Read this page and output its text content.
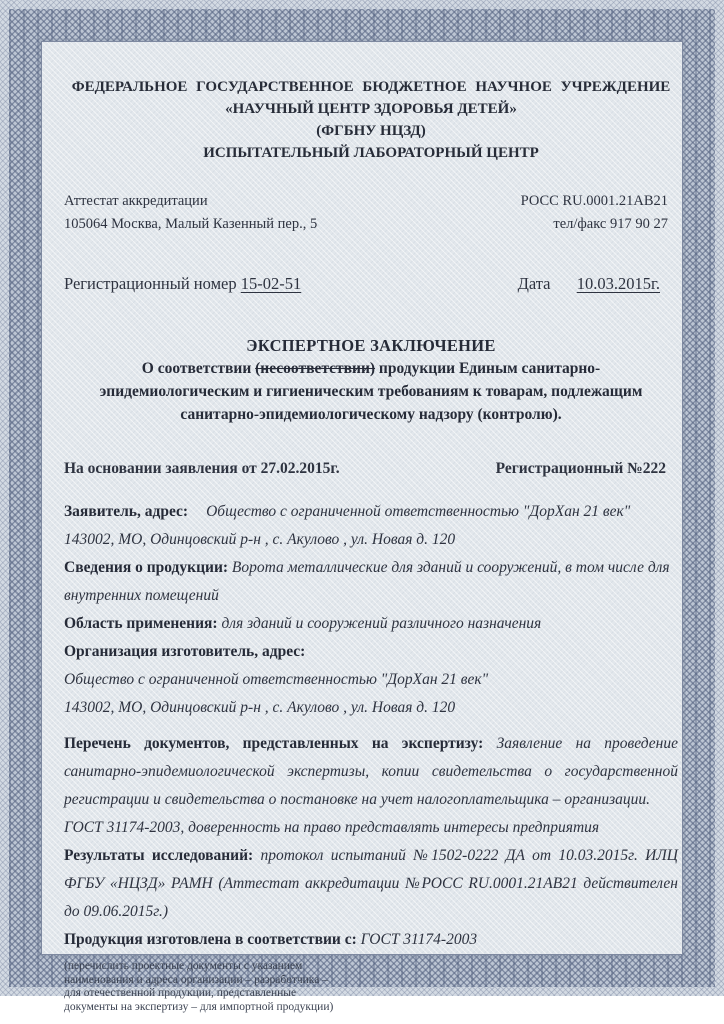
ФЕДЕРАЛЬНОЕ ГОСУДАРСТВЕННОЕ БЮДЖЕТНОЕ НАУЧНОЕ УЧРЕЖДЕНИЕ
«НАУЧНЫЙ ЦЕНТР ЗДОРОВЬЯ ДЕТЕЙ»
(ФГБНУ НЦЗД)
ИСПЫТАТЕЛЬНЫЙ ЛАБОРАТОРНЫЙ ЦЕНТР
Аттестат аккредитации
105064 Москва, Малый Казенный пер., 5
РОСС RU.0001.21АВ21
тел/факс 917 90 27
Регистрационный номер 15-02-51	Дата 10.03.2015г.
ЭКСПЕРТНОЕ ЗАКЛЮЧЕНИЕ
О соответствии (несоответствии) продукции Единым санитарно-
эпидемиологическим и гигиеническим требованиям к товарам, подлежащим
санитарно-эпидемиологическому надзору (контролю).
На основании заявления от 27.02.2015г.	Регистрационный №222

Заявитель, адрес: Общество с ограниченной ответственностью "ДорХан 21 век"

143002, МО, Одинцовский р-н , с. Акулово , ул. Новая д. 120

Сведения о продукции: Ворота металлические для зданий и сооружений, в том числе для внутренних помещений

Область применения: для зданий и сооружений различного назначения

Организация изготовитель, адрес:

Общество с ограниченной ответственностью "ДорХан 21 век"

143002, МО, Одинцовский р-н , с. Акулово , ул. Новая д. 120

Перечень документов, представленных на экспертизу: Заявление на проведение санитарно-эпидемиологической экспертизы, копии свидетельства о государственной регистрации и свидетельства о постановке на учет налогоплательщика – организации.

ГОСТ 31174-2003, доверенность на право представлять интересы предприятия

Результаты исследований: протокол испытаний №1502-0222 ДА от 10.03.2015г. ИЛЦ ФГБУ «НЦЗД» РАМН (Аттестат аккредитации №РОСС RU.0001.21АВ21 действителен до 09.06.2015г.)

Продукция изготовлена в соответствии с: ГОСТ 31174-2003

(перечислить проектные документы с указанием
наименования и адреса организации – разработчика –
для отечественной продукции, представленные
документы на экспертизу – для импортной продукции)
